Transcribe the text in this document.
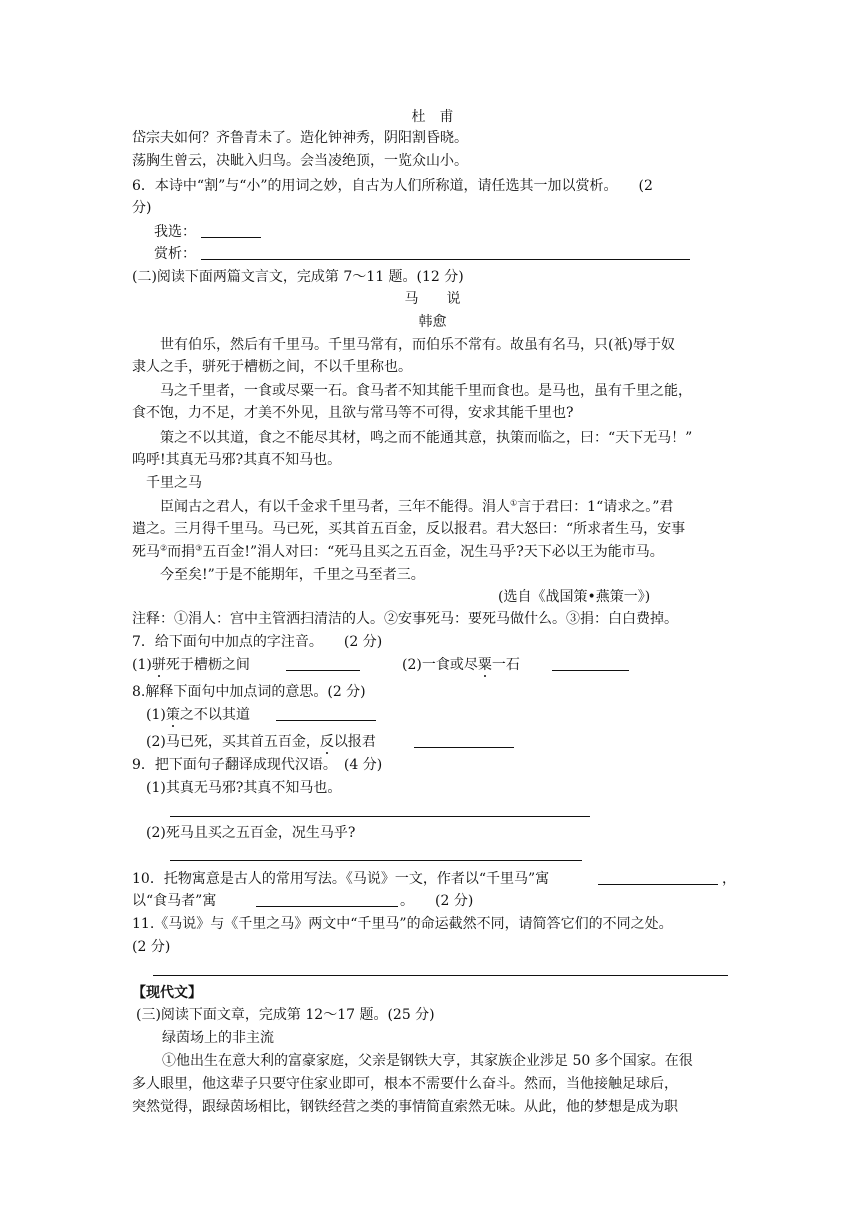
杜　甫
岱宗夫如何？齐鲁青未了。造化钟神秀，阴阳割昏晓。
荡胸生曾云，决眦入归鸟。会当凌绝顶，一览众山小。
6．本诗中“割”与“小”的用词之妙，自古为人们所称道，请任选其一加以赏析。　　(2
分)
我选：
赏析：
(二)阅读下面两篇文言文，完成第 7～11 题。(12 分)
马　　说
韩愈
世有伯乐，然后有千里马。千里马常有，而伯乐不常有。故虽有名马，只(衹)辱于奴
隶人之手，骈死于槽枥之间，不以千里称也。
马之千里者，一食或尽粟一石。食马者不知其能千里而食也。是马也，虽有千里之能，
食不饱，力不足，才美不外见，且欲与常马等不可得，安求其能千里也?
策之不以其道，食之不能尽其材，鸣之而不能通其意，执策而临之，曰：“天下无马！”
呜呼!其真无马邪?其真不知马也。
千里之马
臣闻古之君人，有以千金求千里马者，三年不能得。涓人①言于君曰：1“请求之。”君
遣之。三月得千里马。马已死，买其首五百金，反以报君。君大怒曰：“所求者生马，安事
死马②而捐③五百金!”涓人对曰：“死马且买之五百金，况生马乎?天下必以王为能市马。
今至矣!”于是不能期年，千里之马至者三。
(选自《战国策•燕策一》)
注释：①涓人：宫中主管洒扫清洁的人。②安事死马：要死马做什么。③捐：白白费掉。
7．给下面句中加点的字注音。　　(2 分)
(1)骈死于槽枥之间	(2)一食或尽粟一石
8.解释下面句中加点词的意思。(2 分)
(1)策之不以其道
(2)马已死，买其首五百金，反以报君
9．把下面句子翻译成现代汉语。　(4 分)
(1)其真无马邪?其真不知马也。
(2)死马且买之五百金，况生马乎?
10．托物寓意是古人的常用写法。《马说》一文，作者以“千里马”寓	，
以“食马者”寓	。　　(2 分)
11.《马说》与《千里之马》两文中“千里马”的命运截然不同，请简答它们的不同之处。
(2 分)
【现代文】
(三)阅读下面文章，完成第 12～17 题。(25 分)
绿茵场上的非主流
①他出生在意大利的富豪家庭，父亲是钢铁大亨，其家族企业涉足 50 多个国家。在很
多人眼里，他这辈子只要守住家业即可，根本不需要什么奋斗。然而，当他接触足球后，
突然觉得，跟绿茵场相比，钢铁经营之类的事情简直索然无味。从此，他的梦想是成为职
